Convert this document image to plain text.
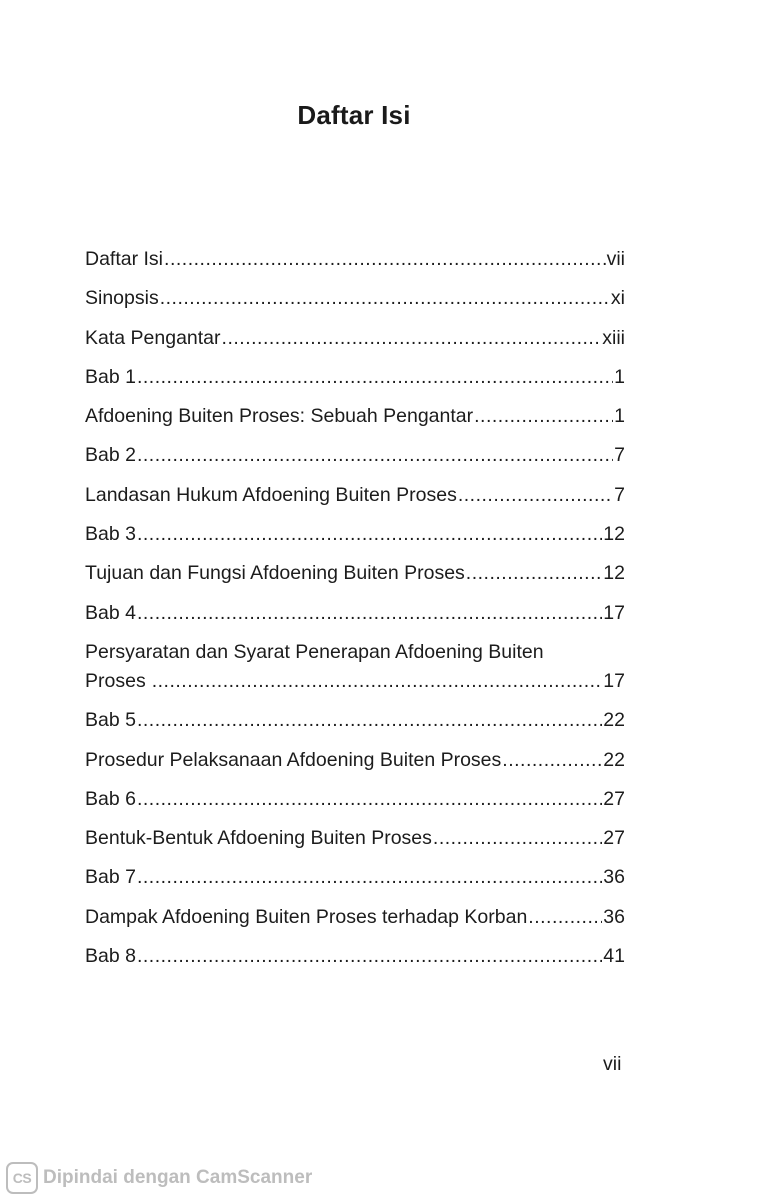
Daftar Isi
Daftar Isi .....	vii
Sinopsis .....	xi
Kata Pengantar .....	xiii
Bab 1 .....	1
Afdoening Buiten Proses: Sebuah Pengantar .....	1
Bab 2 .....	7
Landasan Hukum Afdoening Buiten Proses .....	7
Bab 3 .....	12
Tujuan dan Fungsi Afdoening Buiten Proses .....	12
Bab 4 .....	17
Persyaratan dan Syarat Penerapan Afdoening Buiten
Proses .....	17
Bab 5 .....	22
Prosedur Pelaksanaan Afdoening Buiten Proses .....	22
Bab 6 .....	27
Bentuk-Bentuk Afdoening Buiten Proses .....	27
Bab 7 .....	36
Dampak Afdoening Buiten Proses terhadap Korban .....	36
Bab 8 .....	41
vii
CS Dipindai dengan CamScanner
